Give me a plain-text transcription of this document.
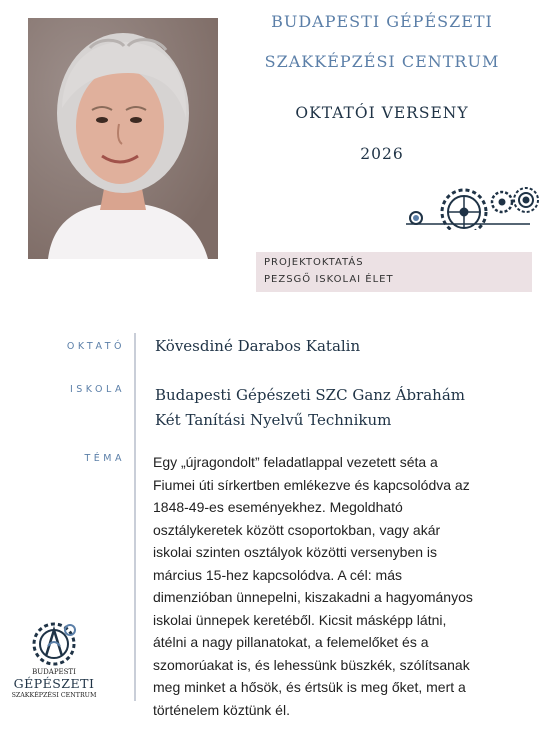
BUDAPESTI GÉPÉSZETI
SZAKKÉPZÉSI CENTRUM
OKTATÓI VERSENY
2026
PROJEKTOKTATÁS
PEZSGŐ ISKOLAI ÉLET
OKTATÓ
ISKOLA
TÉMA
Kövesdiné Darabos Katalin
Budapesti Gépészeti SZC Ganz Ábrahám
Két Tanítási Nyelvű Technikum
Egy „újragondolt” feladatlappal vezetett séta a
Fiumei úti sírkertben emlékezve és kapcsolódva az
1848-49-es eseményekhez. Megoldható
osztálykeretek között csoportokban, vagy akár
iskolai szinten osztályok közötti versenyben is
március 15-hez kapcsolódva. A cél: más
dimenzióban ünnepelni, kiszakadni a hagyományos
iskolai ünnepek keretéből. Kicsit másképp látni,
átélni a nagy pillanatokat, a felemelőket és a
szomorúakat is, és lehessünk büszkék, szólítsanak
meg minket a hősök, és értsük is meg őket, mert a
történelem köztünk él.
BUDAPESTI
GÉPÉSZETI
SZAKKÉPZÉSI CENTRUM
